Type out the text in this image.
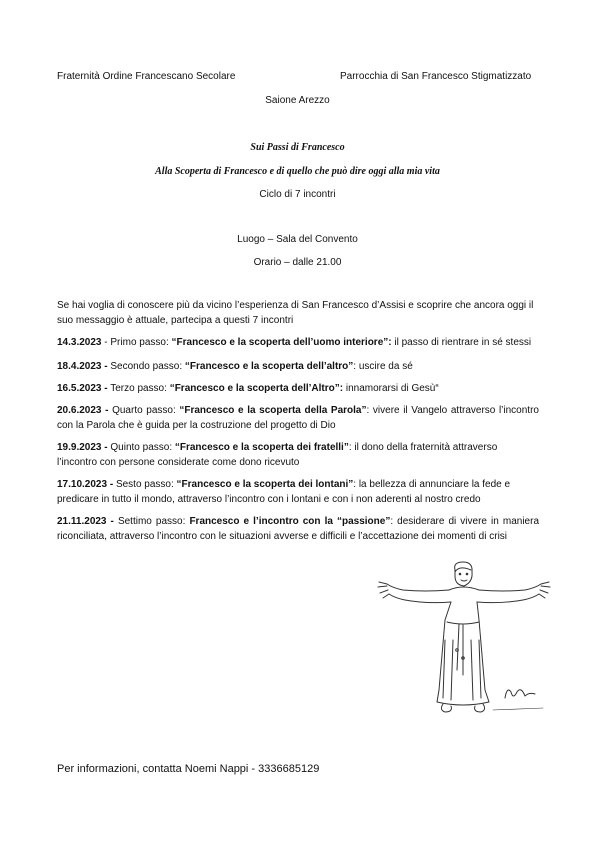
Fraternità Ordine Francescano Secolare	Parrocchia di San Francesco Stigmatizzato
Saione Arezzo
Sui Passi di Francesco
Alla Scoperta di Francesco e di quello che può dire oggi alla mia vita
Ciclo di 7 incontri
Luogo – Sala del Convento
Orario – dalle 21.00
Se hai voglia di conoscere più da vicino l’esperienza di San Francesco d’Assisi e scoprire che ancora oggi il suo messaggio è attuale, partecipa a questi 7 incontri
14.3.2023 - Primo passo: “Francesco e la scoperta dell’uomo interiore”: il passo di rientrare in sé stessi
18.4.2023 - Secondo passo: “Francesco e la scoperta dell’altro”: uscire da sé
16.5.2023 - Terzo passo: “Francesco e la scoperta dell’Altro”: innamorarsi di Gesù“
20.6.2023 - Quarto passo: “Francesco e la scoperta della Parola”: vivere il Vangelo attraverso l’incontro con la Parola che è guida per la costruzione del progetto di Dio
19.9.2023 - Quinto passo: “Francesco e la scoperta dei fratelli”: il dono della fraternità attraverso l’incontro con persone considerate come dono ricevuto
17.10.2023 - Sesto passo: “Francesco e la scoperta dei lontani”: la bellezza di annunciare la fede e predicare in tutto il mondo, attraverso l’incontro con i lontani e con i non aderenti al nostro credo
21.11.2023 - Settimo passo: Francesco e l’incontro con la “passione”: desiderare di vivere in maniera riconciliata, attraverso l’incontro con le situazioni avverse e difficili e l’accettazione dei momenti di crisi
Per informazioni, contatta Noemi Nappi - 3336685129
